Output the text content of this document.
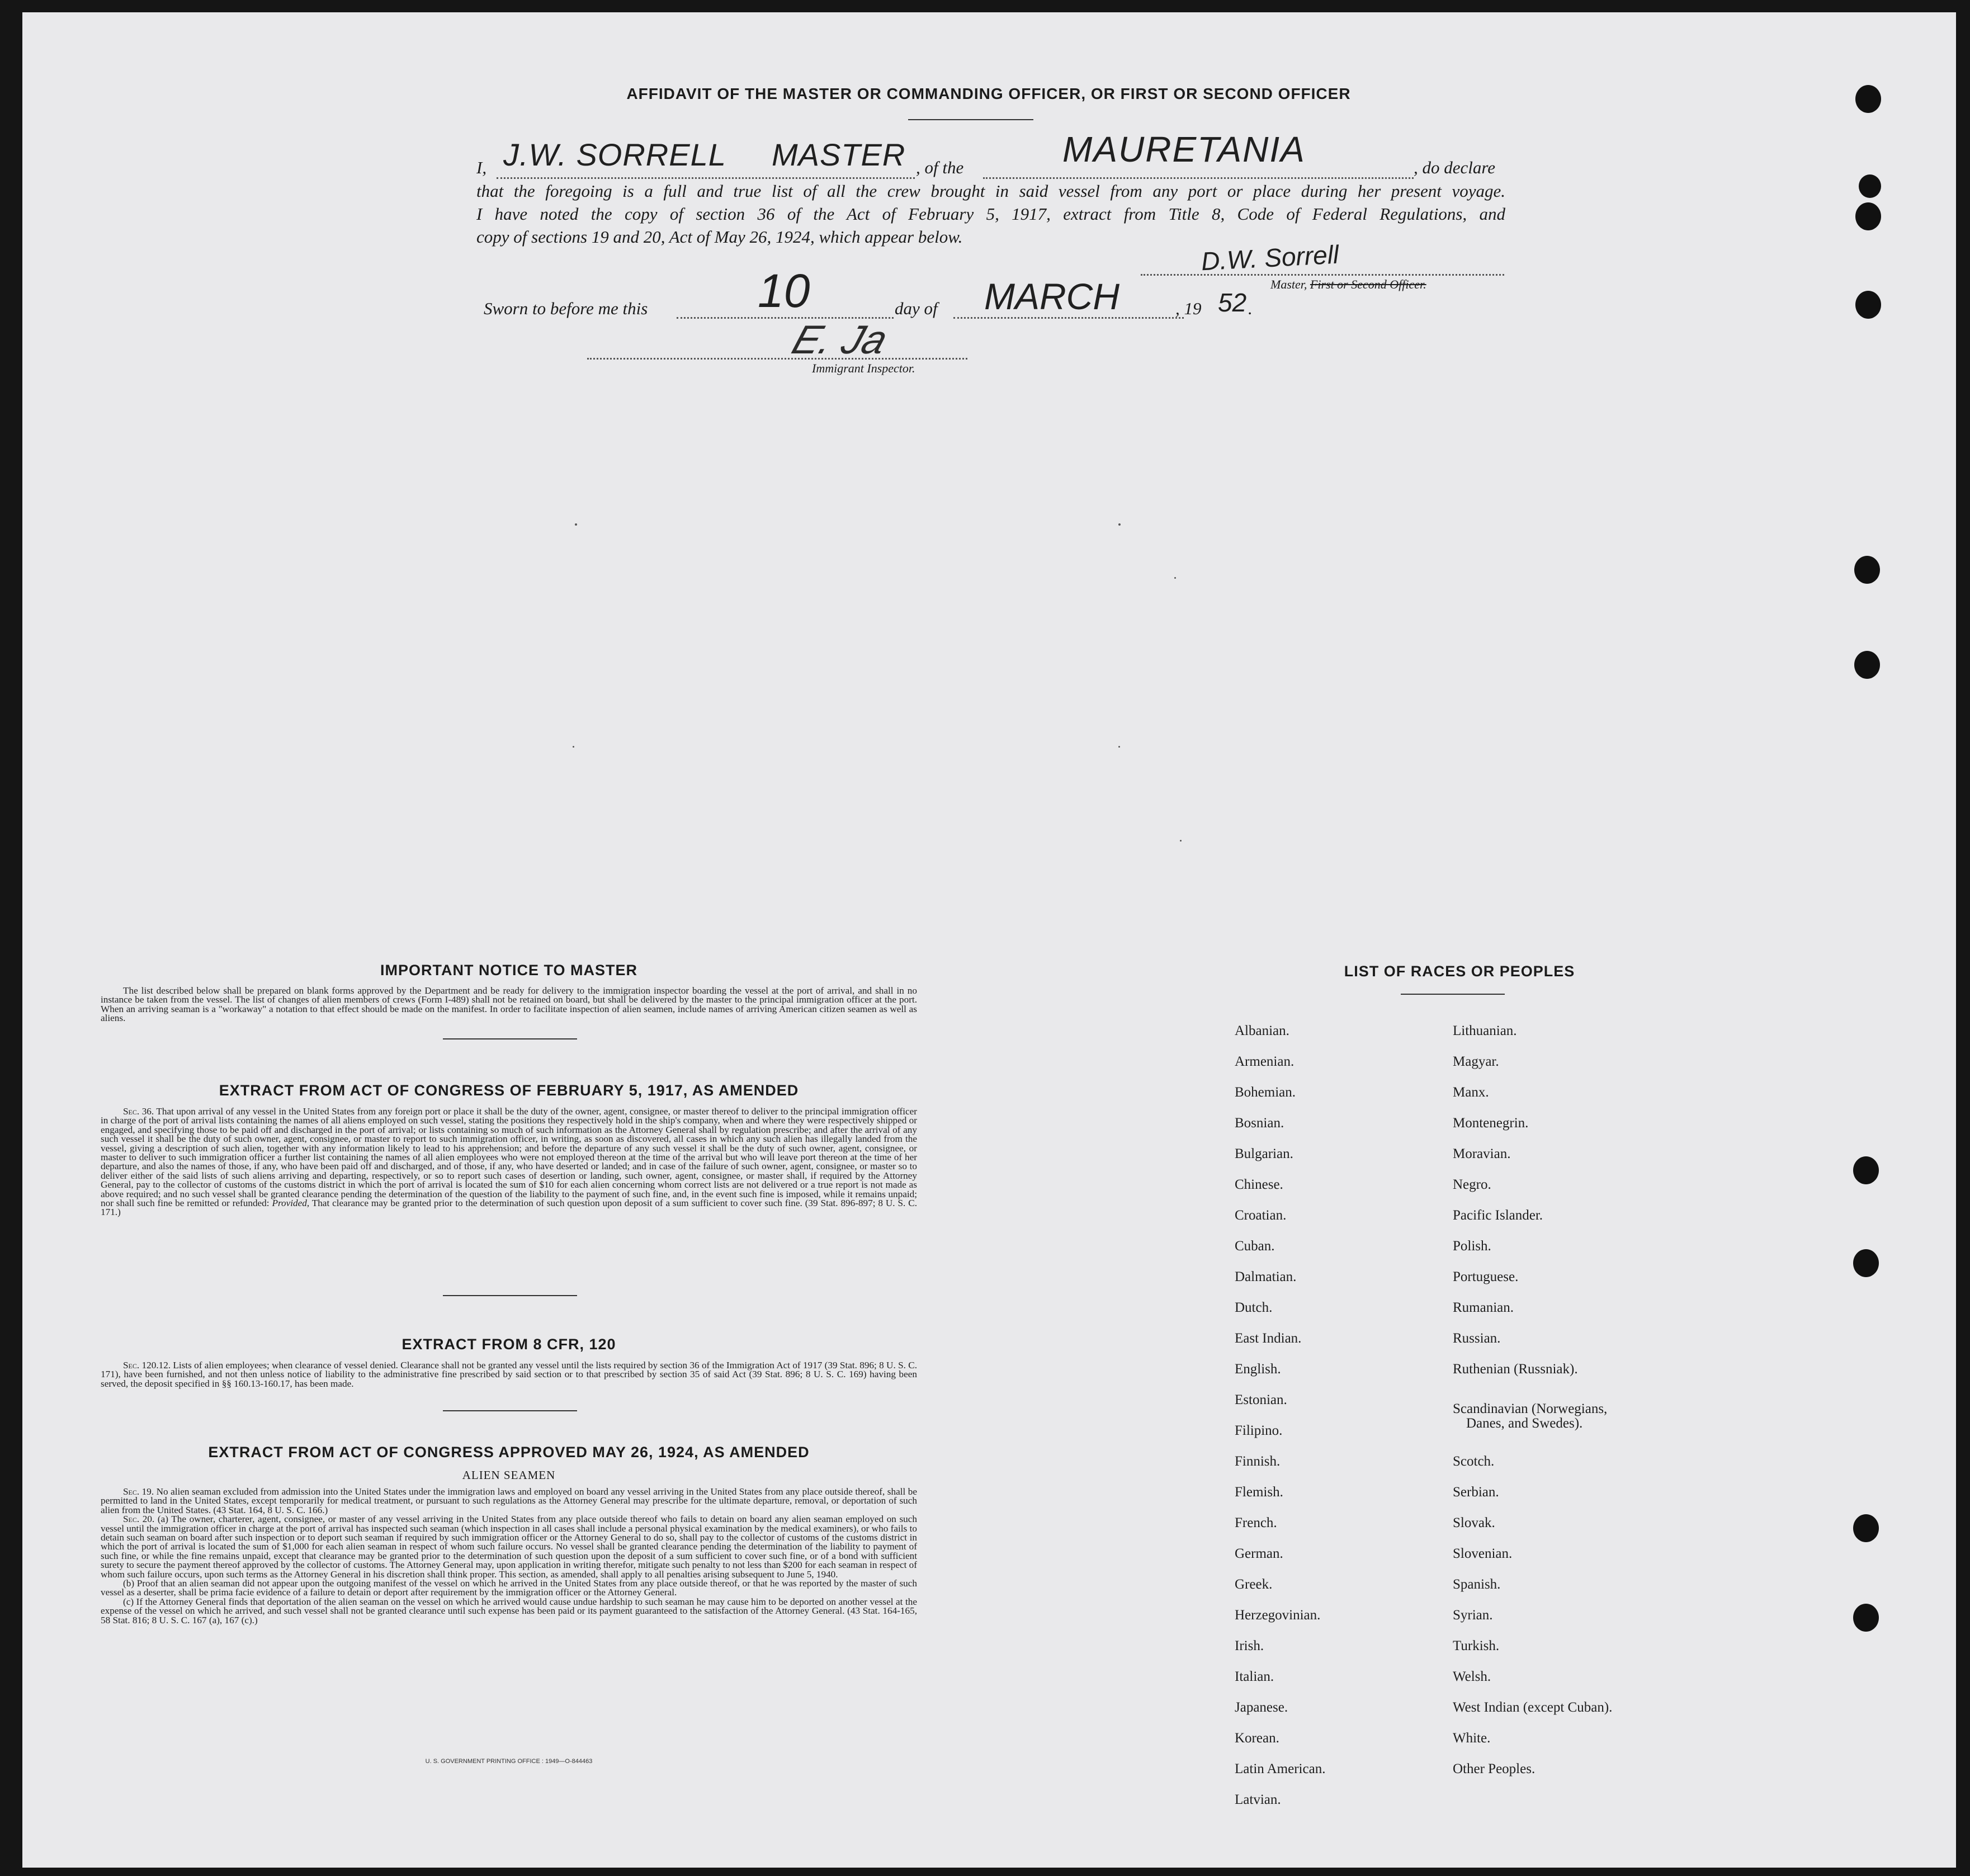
AFFIDAVIT OF THE MASTER OR COMMANDING OFFICER, OR FIRST OR SECOND OFFICER
I, J.W. SORRELL MASTER , of the	MAURETANIA	, do declare
that the foregoing is a full and true list of all the crew brought in said vessel from any port or place during her present voyage.
I have noted the copy of section 36 of the Act of February 5, 1917, extract from Title 8, Code of Federal Regulations, and
copy of sections 19 and 20, Act of May 26, 1924, which appear below.
D.W. Sorrell
Master, First or Second Officer.
Sworn to before me this 10	day of MARCH	, 19 52 .
E. Ja
Immigrant Inspector.
IMPORTANT NOTICE TO MASTER
The list described below shall be prepared on blank forms approved by the Department and be ready for delivery to the immigration inspector boarding the vessel at the port of arrival, and shall in no instance be taken from the vessel. The list of changes of alien members of crews (Form I-489) shall not be retained on board, but shall be delivered by the master to the principal immigration officer at the port. When an arriving seaman is a "workaway" a notation to that effect should be made on the manifest. In order to facilitate inspection of alien seamen, include names of arriving American citizen seamen as well as aliens.
EXTRACT FROM ACT OF CONGRESS OF FEBRUARY 5, 1917, AS AMENDED
Sec. 36. That upon arrival of any vessel in the United States from any foreign port or place it shall be the duty of the owner, agent, consignee, or master thereof to deliver to the principal immigration officer in charge of the port of arrival lists containing the names of all aliens employed on such vessel, stating the positions they respectively hold in the ship's company, when and where they were respectively shipped or engaged, and specifying those to be paid off and discharged in the port of arrival; or lists containing so much of such information as the Attorney General shall by regulation prescribe; and after the arrival of any such vessel it shall be the duty of such owner, agent, consignee, or master to report to such immigration officer, in writing, as soon as discovered, all cases in which any such alien has illegally landed from the vessel, giving a description of such alien, together with any information likely to lead to his apprehension; and before the departure of any such vessel it shall be the duty of such owner, agent, consignee, or master to deliver to such immigration officer a further list containing the names of all alien employees who were not employed thereon at the time of the arrival but who will leave port thereon at the time of her departure, and also the names of those, if any, who have been paid off and discharged, and of those, if any, who have deserted or landed; and in case of the failure of such owner, agent, consignee, or master so to deliver either of the said lists of such aliens arriving and departing, respectively, or so to report such cases of desertion or landing, such owner, agent, consignee, or master shall, if required by the Attorney General, pay to the collector of customs of the customs district in which the port of arrival is located the sum of $10 for each alien concerning whom correct lists are not delivered or a true report is not made as above required; and no such vessel shall be granted clearance pending the determination of the question of the liability to the payment of such fine, and, in the event such fine is imposed, while it remains unpaid; nor shall such fine be remitted or refunded: Provided, That clearance may be granted prior to the determination of such question upon deposit of a sum sufficient to cover such fine. (39 Stat. 896-897; 8 U. S. C. 171.)
EXTRACT FROM 8 CFR, 120
Sec. 120.12. Lists of alien employees; when clearance of vessel denied. Clearance shall not be granted any vessel until the lists required by section 36 of the Immigration Act of 1917 (39 Stat. 896; 8 U. S. C. 171), have been furnished, and not then unless notice of liability to the administrative fine prescribed by said section or to that prescribed by section 35 of said Act (39 Stat. 896; 8 U. S. C. 169) having been served, the deposit specified in §§ 160.13-160.17, has been made.
EXTRACT FROM ACT OF CONGRESS APPROVED MAY 26, 1924, AS AMENDED
ALIEN SEAMEN

Sec. 19. No alien seaman excluded from admission into the United States under the immigration laws and employed on board any vessel arriving in the United States from any place outside thereof, shall be permitted to land in the United States, except temporarily for medical treatment, or pursuant to such regulations as the Attorney General may prescribe for the ultimate departure, removal, or deportation of such alien from the United States. (43 Stat. 164, 8 U. S. C. 166.)

Sec. 20. (a) The owner, charterer, agent, consignee, or master of any vessel arriving in the United States from any place outside thereof who fails to detain on board any alien seaman employed on such vessel until the immigration officer in charge at the port of arrival has inspected such seaman (which inspection in all cases shall include a personal physical examination by the medical examiners), or who fails to detain such seaman on board after such inspection or to deport such seaman if required by such immigration officer or the Attorney General to do so, shall pay to the collector of customs of the customs district in which the port of arrival is located the sum of $1,000 for each alien seaman in respect of whom such failure occurs. No vessel shall be granted clearance pending the determination of the liability to payment of such fine, or while the fine remains unpaid, except that clearance may be granted prior to the determination of such question upon the deposit of a sum sufficient to cover such fine, or of a bond with sufficient surety to secure the payment thereof approved by the collector of customs. The Attorney General may, upon application in writing therefor, mitigate such penalty to not less than $200 for each seaman in respect of whom such failure occurs, upon such terms as the Attorney General in his discretion shall think proper. This section, as amended, shall apply to all penalties arising subsequent to June 5, 1940.

(b) Proof that an alien seaman did not appear upon the outgoing manifest of the vessel on which he arrived in the United States from any place outside thereof, or that he was reported by the master of such vessel as a deserter, shall be prima facie evidence of a failure to detain or deport after requirement by the immigration officer or the Attorney General.

(c) If the Attorney General finds that deportation of the alien seaman on the vessel on which he arrived would cause undue hardship to such seaman he may cause him to be deported on another vessel at the expense of the vessel on which he arrived, and such vessel shall not be granted clearance until such expense has been paid or its payment guaranteed to the satisfaction of the Attorney General. (43 Stat. 164-165, 58 Stat. 816; 8 U. S. C. 167 (a), 167 (c).)

U. S. GOVERNMENT PRINTING OFFICE : 1949—O-844463
LIST OF RACES OR PEOPLES
Albanian.
Armenian.
Bohemian.
Bosnian.
Bulgarian.
Chinese.
Croatian.
Cuban.
Dalmatian.
Dutch.
East Indian.
English.
Estonian.
Filipino.
Finnish.
Flemish.
French.
German.
Greek.
Herzegovinian.
Irish.
Italian.
Japanese.
Korean.
Latin American.
Latvian.
Lithuanian.
Magyar.
Manx.
Montenegrin.
Moravian.
Negro.
Pacific Islander.
Polish.
Portuguese.
Rumanian.
Russian.
Ruthenian (Russniak).
Scandinavian (Norwegians,
Danes, and Swedes).
Scotch.
Serbian.
Slovak.
Slovenian.
Spanish.
Syrian.
Turkish.
Welsh.
West Indian (except Cuban).
White.
Other Peoples.
